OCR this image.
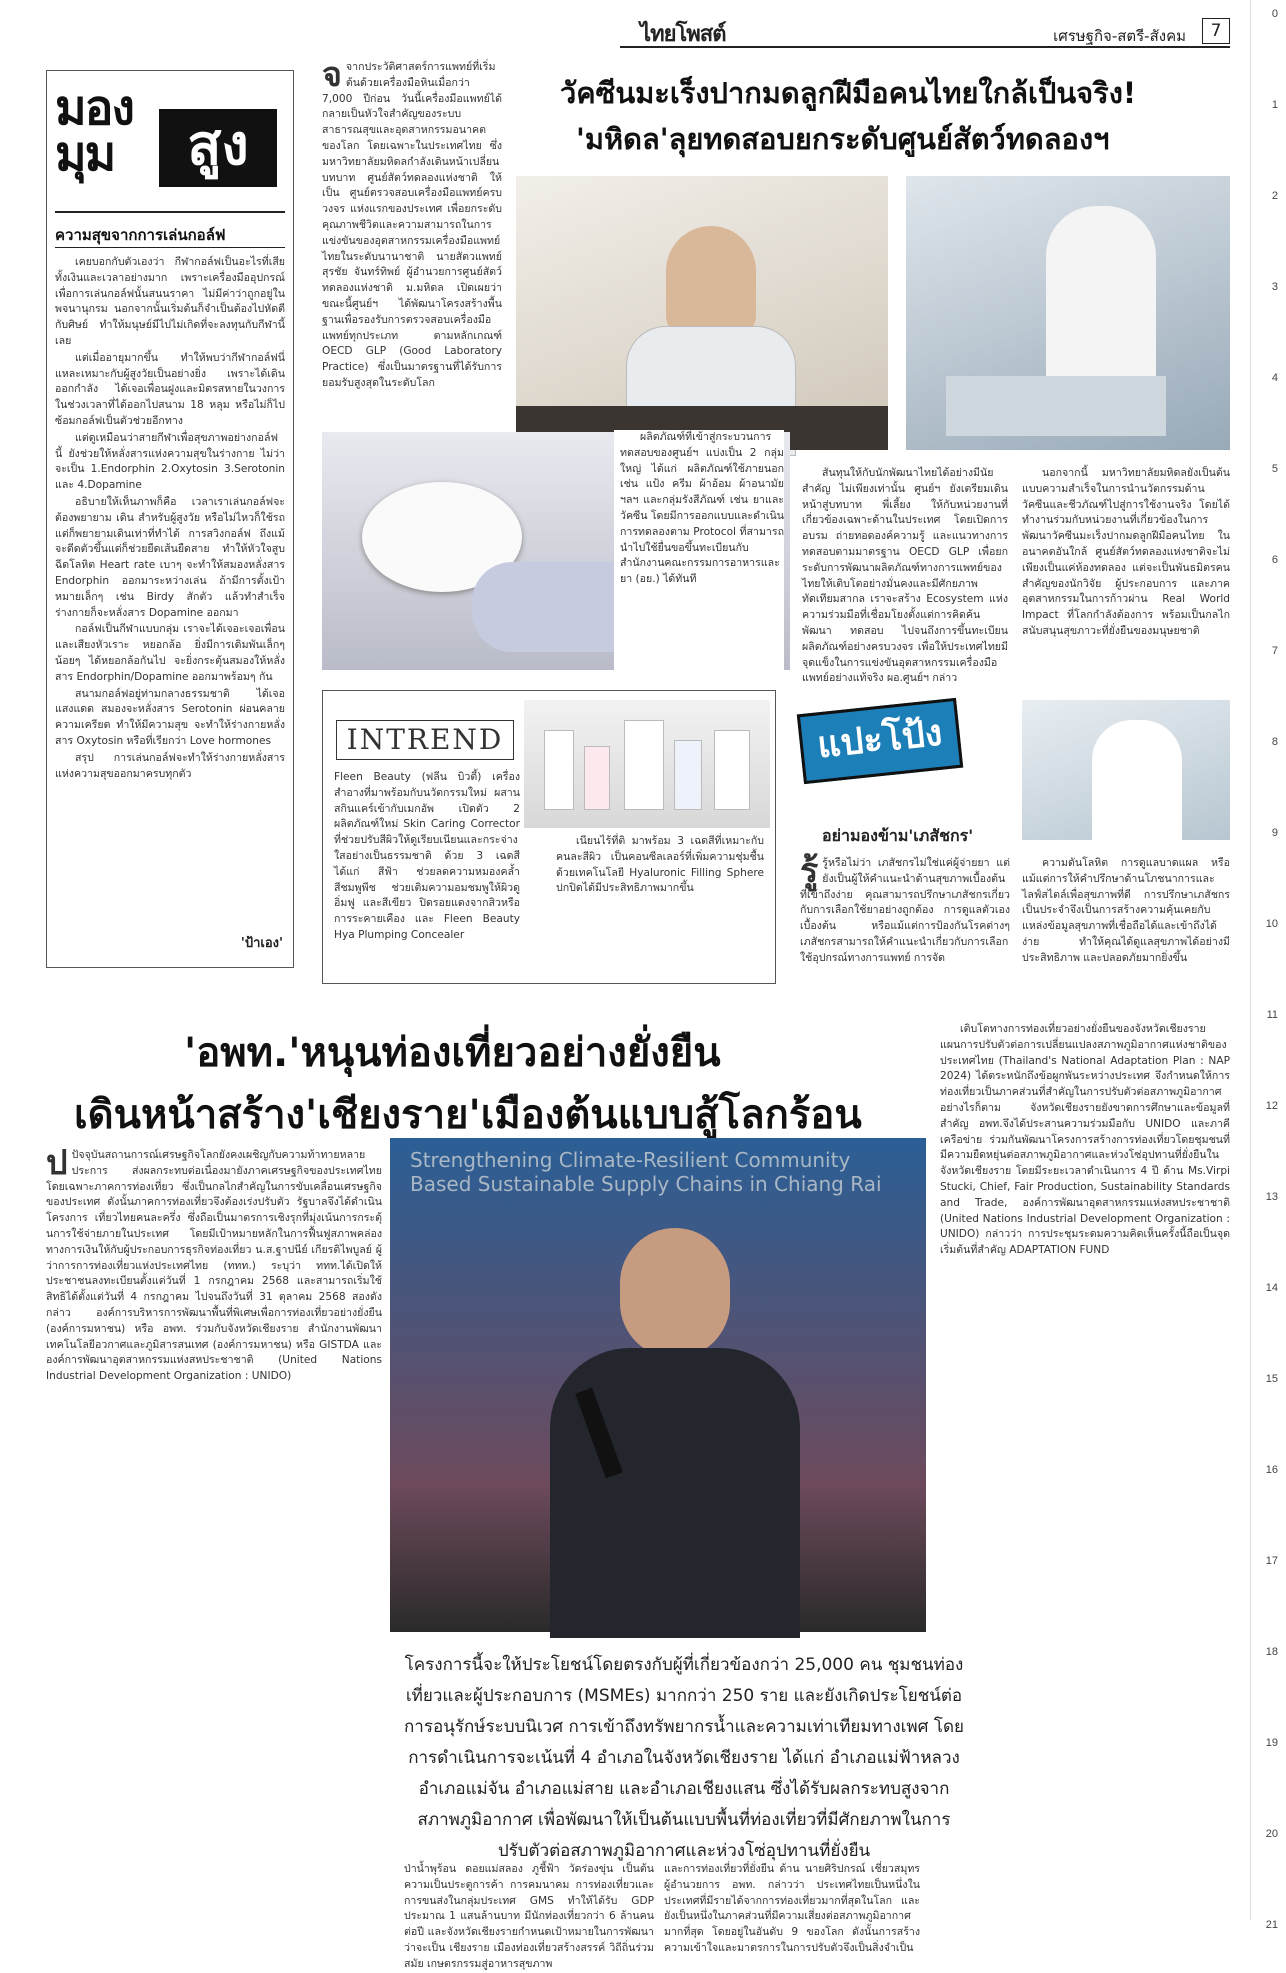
ไทยโพสต์	เศรษฐกิจ-สตรี-สังคม	7
มอง
มุม	สูง
ความสุขจากการเล่นกอล์ฟ

เคยบอกกับตัวเองว่า กีฬากอล์ฟเป็นอะไรที่เสียทั้งเงินและเวลาอย่างมาก เพราะเครื่องมืออุปกรณ์ เพื่อการเล่นกอล์ฟนั้นสนนราคา ไม่มีค่าว่าถูกอยู่ในพจนานุกรม นอกจากนั้นเริ่มต้นก็จำเป็นต้องไปหัดตีกับศิษย์ ทำให้มนุษย์มีไปไม่เกิดที่จะลงทุนกับกีฬานี้เลย

แต่เมื่ออายุมากขึ้น ทำให้พบว่ากีฬากอล์ฟนี่แหละเหมาะกับผู้สูงวัยเป็นอย่างยิ่ง เพราะได้เดินออกกำลัง ได้เจอเพื่อนฝูงและมิตรสหายในวงการ ในช่วงเวลาที่ได้ออกไปสนาม 18 หลุม หรือไม่ก็ไปซ้อมกอล์ฟเป็นตัวช่วยอีกทาง

แต่ดูเหมือนว่าสายกีฬาเพื่อสุขภาพอย่างกอล์ฟนี้ ยังช่วยให้หลั่งสารแห่งความสุขในร่างกาย ไม่ว่าจะเป็น 1.Endorphin 2.Oxytosin 3.Serotonin และ 4.Dopamine

อธิบายให้เห็นภาพก็คือ เวลาเราเล่นกอล์ฟจะต้องพยายาม เดิน สำหรับผู้สูงวัย หรือไม่ไหวก็ใช้รถ แต่ก็พยายามเดินเท่าที่ทำได้ การสวิงกอล์ฟ ถึงแม้จะดีดตัวขึ้นแต่ก็ช่วยยืดเส้นยืดสาย ทำให้หัวใจสูบฉีดโลหิต Heart rate เบาๆ จะทำให้สมองหลั่งสาร Endorphin ออกมาระหว่างเล่น ถ้ามีการตั้งเป้าหมายเล็กๆ เช่น Birdy สักตัว แล้วทำสำเร็จ ร่างกายก็จะหลั่งสาร Dopamine ออกมา

กอล์ฟเป็นกีฬาแบบกลุ่ม เราจะได้เจอะเจอเพื่อนและเสียงหัวเราะ หยอกล้อ ยิ่งมีการเดิมพันเล็กๆ น้อยๆ ได้หยอกล้อกันไป จะยิ่งกระตุ้นสมองให้หลั่งสาร Endorphin/Dopamine ออกมาพร้อมๆ กัน

สนามกอล์ฟอยู่ท่ามกลางธรรมชาติ ได้เจอแสงแดด สมองจะหลั่งสาร Serotonin ผ่อนคลายความเครียด ทำให้มีความสุข จะทำให้ร่างกายหลั่งสาร Oxytosin หรือที่เรียกว่า Love hormones

สรุป การเล่นกอล์ฟจะทำให้ร่างกายหลั่งสารแห่งความสุขออกมาครบทุกตัว

'ป้าเอง'

จจากประวัติศาสตร์การแพทย์ที่เริ่มต้นด้วยเครื่องมือหินเมื่อกว่า 7,000 ปีก่อน วันนี้เครื่องมือแพทย์ได้กลายเป็นหัวใจสำคัญของระบบสาธารณสุขและอุตสาหกรรมอนาคตของโลก โดยเฉพาะในประเทศไทย ซึ่งมหาวิทยาลัยมหิดลกำลังเดินหน้าเปลี่ยนบทบาท ศูนย์สัตว์ทดลองแห่งชาติ ให้เป็น ศูนย์ตรวจสอบเครื่องมือแพทย์ครบวงจร แห่งแรกของประเทศ เพื่อยกระดับคุณภาพชีวิตและความสามารถในการแข่งขันของอุตสาหกรรมเครื่องมือแพทย์ไทยในระดับนานาชาติ นายสัตวแพทย์สุรชัย จันทร์ทิพย์ ผู้อำนวยการศูนย์สัตว์ทดลองแห่งชาติ ม.มหิดล เปิดเผยว่า ขณะนี้ศูนย์ฯ ได้พัฒนาโครงสร้างพื้นฐานเพื่อรองรับการตรวจสอบเครื่องมือแพทย์ทุกประเภท ตามหลักเกณฑ์ OECD GLP (Good Laboratory Practice) ซึ่งเป็นมาตรฐานที่ได้รับการยอมรับสูงสุดในระดับโลก

วัคซีนมะเร็งปากมดลูกฝีมือคนไทยใกล้เป็นจริง!
'มหิดล'ลุยทดสอบยกระดับศูนย์สัตว์ทดลองฯ

ผลิตภัณฑ์ที่เข้าสู่กระบวนการทดสอบของศูนย์ฯ แบ่งเป็น 2 กลุ่มใหญ่ ได้แก่ ผลิตภัณฑ์ใช้ภายนอก เช่น แป้ง ครีม ผ้าอ้อม ผ้าอนามัย ฯลฯ และกลุ่มรังสีภัณฑ์ เช่น ยาและวัคซีน โดยมีการออกแบบและดำเนินการทดลองตาม Protocol ที่สามารถนำไปใช้ยื่นขอขึ้นทะเบียนกับสำนักงานคณะกรรมการอาหารและยา (อย.) ได้ทันที

สันทุนให้กับนักพัฒนาไทยได้อย่างมีนัยสำคัญ ไม่เพียงเท่านั้น ศูนย์ฯ ยังเตรียมเดินหน้าสู่บทบาท พี่เลี้ยง ให้กับหน่วยงานที่เกี่ยวข้องเฉพาะด้านในประเทศ โดยเปิดการอบรม ถ่ายทอดองค์ความรู้ และแนวทางการทดสอบตามมาตรฐาน OECD GLP เพื่อยกระดับการพัฒนาผลิตภัณฑ์ทางการแพทย์ของไทยให้เติบโตอย่างมั่นคงและมีศักยภาพทัดเทียมสากล เราจะสร้าง Ecosystem แห่งความร่วมมือที่เชื่อมโยงตั้งแต่การคิดค้น พัฒนา ทดสอบ ไปจนถึงการขึ้นทะเบียนผลิตภัณฑ์อย่างครบวงจร เพื่อให้ประเทศไทยมีจุดแข็งในการแข่งขันอุตสาหกรรมเครื่องมือแพทย์อย่างแท้จริง ผอ.ศูนย์ฯ กล่าว

นอกจากนี้ มหาวิทยาลัยมหิดลยังเป็นต้นแบบความสำเร็จในการนำนวัตกรรมด้านวัคซีนและชีวภัณฑ์ไปสู่การใช้งานจริง โดยได้ทำงานร่วมกับหน่วยงานที่เกี่ยวข้องในการพัฒนาวัคซีนมะเร็งปากมดลูกฝีมือคนไทย ในอนาคตอันใกล้ ศูนย์สัตว์ทดลองแห่งชาติจะไม่เพียงเป็นแค่ห้องทดลอง แต่จะเป็นพันธมิตรคนสำคัญของนักวิจัย ผู้ประกอบการ และภาคอุตสาหกรรมในการก้าวผ่าน Real World Impact ที่โลกกำลังต้องการ พร้อมเป็นกลไกสนับสนุนสุขภาวะที่ยั่งยืนของมนุษยชาติ

INTREND

Fleen Beauty (ฟลีน บิวตี้) เครื่องสำอางที่มาพร้อมกับนวัตกรรมใหม่ ผสานสกินแคร์เข้ากับเมกอัพ เปิดตัว 2 ผลิตภัณฑ์ใหม่ Skin Caring Corrector ที่ช่วยปรับสีผิวให้ดูเรียบเนียนและกระจ่างใสอย่างเป็นธรรมชาติ ด้วย 3 เฉดสี ได้แก่ สีฟ้า ช่วยลดความหมองคล้ำ สีชมพูพีช ช่วยเติมความอมชมพูให้ผิวดูอิ่มฟู และสีเขียว ปิดรอยแดงจากสิวหรือการระคายเคือง และ Fleen Beauty Hya Plumping Concealer

เนียนไร้ที่ติ มาพร้อม 3 เฉดสีที่เหมาะกับคนละสีผิว เป็นคอนซีลเลอร์ที่เพิ่มความชุ่มชื้นด้วยเทคโนโลยี Hyaluronic Filling Sphere ปกปิดได้มีประสิทธิภาพมากขึ้น

แปะโป้ง
อย่ามองข้าม'เภสัชกร'

รู้รู้หรือไม่ว่า เภสัชกรไม่ใช่แค่ผู้จ่ายยา แต่ยังเป็นผู้ให้คำแนะนำด้านสุขภาพเบื้องต้นที่เข้าถึงง่าย คุณสามารถปรึกษาเภสัชกรเกี่ยวกับการเลือกใช้ยาอย่างถูกต้อง การดูแลตัวเองเบื้องต้น หรือแม้แต่การป้องกันโรคต่างๆ เภสัชกรสามารถให้คำแนะนำเกี่ยวกับการเลือกใช้อุปกรณ์ทางการแพทย์ การจัด

ความดันโลหิต การดูแลบาดแผล หรือแม้แต่การให้คำปรึกษาด้านโภชนาการและไลฟ์สไตล์เพื่อสุขภาพที่ดี การปรึกษาเภสัชกรเป็นประจำจึงเป็นการสร้างความคุ้นเคยกับแหล่งข้อมูลสุขภาพที่เชื่อถือได้และเข้าถึงได้ง่าย ทำให้คุณได้ดูแลสุขภาพได้อย่างมีประสิทธิภาพ และปลอดภัยมากยิ่งขึ้น

'อพท.'หนุนท่องเที่ยวอย่างยั่งยืน
เดินหน้าสร้าง'เชียงราย'เมืองต้นแบบสู้โลกร้อน

ปปัจจุบันสถานการณ์เศรษฐกิจโลกยังคงเผชิญกับความท้าทายหลายประการ ส่งผลกระทบต่อเนื่องมายังภาคเศรษฐกิจของประเทศไทย โดยเฉพาะภาคการท่องเที่ยว ซึ่งเป็นกลไกสำคัญในการขับเคลื่อนเศรษฐกิจของประเทศ ดังนั้นภาคการท่องเที่ยวจึงต้องเร่งปรับตัว รัฐบาลจึงได้ดำเนินโครงการ เที่ยวไทยคนละครึ่ง ซึ่งถือเป็นมาตรการเชิงรุกที่มุ่งเน้นการกระตุ้นการใช้จ่ายภายในประเทศ โดยมีเป้าหมายหลักในการฟื้นฟูสภาพคล่องทางการเงินให้กับผู้ประกอบการธุรกิจท่องเที่ยว น.ส.ฐาปนีย์ เกียรติไพบูลย์ ผู้ว่าการการท่องเที่ยวแห่งประเทศไทย (ททท.) ระบุว่า ททท.ได้เปิดให้ประชาชนลงทะเบียนตั้งแต่วันที่ 1 กรกฎาคม 2568 และสามารถเริ่มใช้สิทธิได้ตั้งแต่วันที่ 4 กรกฎาคม ไปจนถึงวันที่ 31 ตุลาคม 2568 สองดังกล่าว องค์การบริหารการพัฒนาพื้นที่พิเศษเพื่อการท่องเที่ยวอย่างยั่งยืน (องค์การมหาชน) หรือ อพท. ร่วมกับจังหวัดเชียงราย สำนักงานพัฒนาเทคโนโลยีอวกาศและภูมิสารสนเทศ (องค์การมหาชน) หรือ GISTDA และองค์การพัฒนาอุตสาหกรรมแห่งสหประชาชาติ (United Nations Industrial Development Organization : UNIDO)

Strengthening Climate-Resilient Community Based Sustainable Supply Chains in Chiang Rai
โครงการนี้จะให้ประโยชน์โดยตรงกับผู้ที่เกี่ยวข้องกว่า 25,000 คน ชุมชนท่องเที่ยวและผู้ประกอบการ (MSMEs) มากกว่า 250 ราย และยังเกิดประโยชน์ต่อการอนุรักษ์ระบบนิเวศ การเข้าถึงทรัพยากรน้ำและความเท่าเทียมทางเพศ โดยการดำเนินการจะเน้นที่ 4 อำเภอในจังหวัดเชียงราย ได้แก่ อำเภอแม่ฟ้าหลวง อำเภอแม่จัน อำเภอแม่สาย และอำเภอเชียงแสน ซึ่งได้รับผลกระทบสูงจากสภาพภูมิอากาศ เพื่อพัฒนาให้เป็นต้นแบบพื้นที่ท่องเที่ยวที่มีศักยภาพในการปรับตัวต่อสภาพภูมิอากาศและห่วงโซ่อุปทานที่ยั่งยืน

ป่าน้ำพุร้อน ดอยแม่สลอง ภูชี้ฟ้า วัดร่องขุ่น เป็นต้น ความเป็นประตูการค้า การคมนาคม การท่องเที่ยวและการขนส่งในกลุ่มประเทศ GMS ทำให้ได้รับ GDP ประมาณ 1 แสนล้านบาท มีนักท่องเที่ยวกว่า 6 ล้านคนต่อปี และจังหวัดเชียงรายกำหนดเป้าหมายในการพัฒนาว่าจะเป็น เชียงราย เมืองท่องเที่ยวสร้างสรรค์ วิถีถิ่นร่วมสมัย เกษตรกรรมสู่อาหารสุขภาพ

และการท่องเที่ยวที่ยั่งยืน ด้าน นายศิริปกรณ์ เชี่ยวสมุทร ผู้อำนวยการ อพท. กล่าวว่า ประเทศไทยเป็นหนึ่งในประเทศที่มีรายได้จากการท่องเที่ยวมากที่สุดในโลก และยังเป็นหนึ่งในภาคส่วนที่มีความเสี่ยงต่อสภาพภูมิอากาศมากที่สุด โดยอยู่ในอันดับ 9 ของโลก ดังนั้นการสร้างความเข้าใจและมาตรการในการปรับตัวจึงเป็นสิ่งจำเป็น

เติบโตทางการท่องเที่ยวอย่างยั่งยืนของจังหวัดเชียงราย แผนการปรับตัวต่อการเปลี่ยนแปลงสภาพภูมิอากาศแห่งชาติของประเทศไทย (Thailand's National Adaptation Plan : NAP 2024) ได้ตระหนักถึงข้อผูกพันระหว่างประเทศ จึงกำหนดให้การท่องเที่ยวเป็นภาคส่วนที่สำคัญในการปรับตัวต่อสภาพภูมิอากาศ อย่างไรก็ตาม จังหวัดเชียงรายยังขาดการศึกษาและข้อมูลที่สำคัญ อพท.จึงได้ประสานความร่วมมือกับ UNIDO และภาคีเครือข่าย ร่วมกันพัฒนาโครงการสร้างการท่องเที่ยวโดยชุมชนที่มีความยืดหยุ่นต่อสภาพภูมิอากาศและห่วงโซ่อุปทานที่ยั่งยืนในจังหวัดเชียงราย โดยมีระยะเวลาดำเนินการ 4 ปี ด้าน Ms.Virpi Stucki, Chief, Fair Production, Sustainability Standards and Trade, องค์การพัฒนาอุตสาหกรรมแห่งสหประชาชาติ (United Nations Industrial Development Organization : UNIDO) กล่าวว่า การประชุมระดมความคิดเห็นครั้งนี้ถือเป็นจุดเริ่มต้นที่สำคัญ ADAPTATION FUND

0
1
2
3
4
5
6
7
8
9
10
11
12
13
14
15
16
17
18
19
20
21
